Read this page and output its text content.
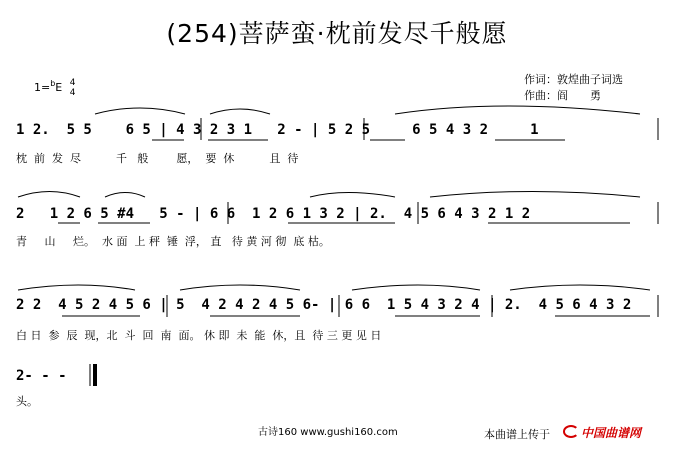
(254)菩萨蛮·枕前发尽千般愿
1=$^b$E 4
4
作词：敦煌曲子词选
作曲：阎　　勇
1 2.  5 5    6 5 | 4 3 2 3 1   2 - | 5 2 5     6 5 4 3 2     1
枕  前  发  尽          千   般        愿，  要  休          且  待
2   1 2 6 5 #4   5 - | 6 6  1 2 6 1 3 2 | 2.  4 5 6 4 3 2 1 2
青     山     烂。  水 面  上 秤  锤  浮， 直   待 黄 河 彻  底 枯。
2 2  4 5 2 4 5 6 | 5  4 2 4 2 4 5 6- | 6 6  1 5 4 3 2 4 | 2.  4 5 6 4 3 2
白 日  参  辰  现，北  斗  回  南  面。 休 即  未  能  休，且  待 三 更 见 日
2- - -
头。
古诗160 www.gushi160.com	本曲谱上传于	中国曲谱网
